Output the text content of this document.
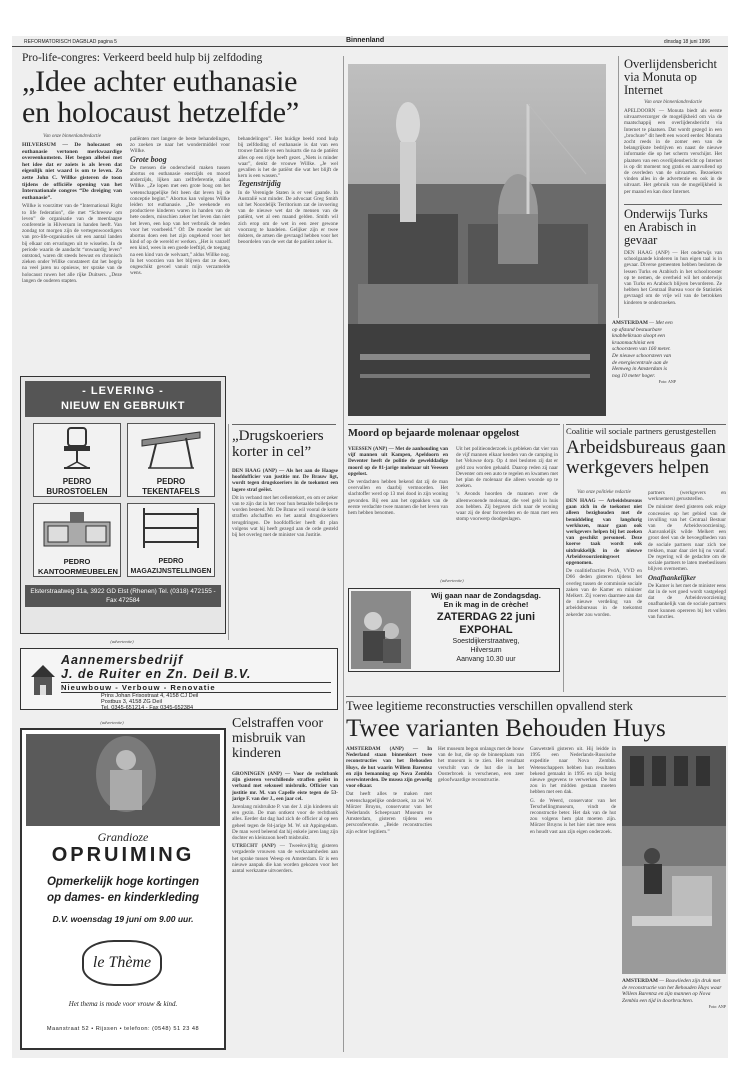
REFORMATORISCH DAGBLAD pagina 5	Binnenland	dinsdag 18 juni 1996
Pro-life-congres: Verkeerd beeld hulp bij zelfdoding
„Idee achter euthanasie
en holocaust hetzelfde”
Van onze binnenlandredactie

HILVERSUM — De holocaust en euthanasie vertonen merkwaardige overeenkomsten. Het begon allebei met het idee dat er zoiets is als leven dat eigenlijk niet waard is om te leven. Zo zette John C. Willke gisteren de toon tijdens de officiële opening van het Internationale congres “De dreiging van euthanasie”.

Willke is voorzitter van de “International Right to life federation”, die met “Schreeuw om leven” de organisatie van de meerdaagse conferentie in Hilversum in handen heeft. Van zondag tot morgen zijn de vertegenwoordigers van pro-life-organisaties uit een aantal landen bij elkaar om ervaringen uit te wisselen. In de periode waarin de aandacht “onwaardig leven” ontstond, waren dit steeds bewust en chronisch zieken onder Willke constateert dat het begrip na veel jaren nu opnieuw, ter sprake van de holocaust ruwen het alle rijke Duitsers. „Deze langen de ouderen stapten.

patiënten met langere de beste behandelingen, zo zoeken ze naar het wondermiddel voor Willke.

Grote boog

De mensen die onderscheid maken tussen abortus en euthanasie enerzijds en moord anderzijds, lijken aan zelfreferentie, aldus Willke. „Ze lopen met een grote boog om het wetenschappelijke feit heen dat leven bij de conceptie begint.” Abortus kan volgens Willke leiden tot euthanasie. „De weekende en productieve kinderen waren in handen van de hete ouders, misschien zeker het leven dan niet het leven, een kop van het verbruik de reden voor het voorbeeld.” Of: De moeder het uit abortus doen een het zijn ongekend voor het kind of op de wereld er werken. „Het is vanzelf een kind, wees in een goede leeftijd, de toegang na een kind van de welvaart,” aldus Willke nog. In het voorzien van het blijven dat ze doen, ongeschikt gevoel vanuit mijn verzamelde wens.

behandelingen”. Het huidige beeld rond hulp bij zelfdoding of euthanasie is dat van een trouwe familie en een huisarts die na de patiënt alles op een rijtje heeft gezet. „Niets is minder waar”, denkt de vrouwe Willke. „Je wel gevallen is het de patiënt die wat het blijft de kern is een wassen.”

Tegenstrijdig

In de Verenigde Staten is er veel gaande. In Australië wat minder. De advocaat Greg Smith uit het Noordelijk Territorium zat de invoering van de nieuwe wet dat de mensen van de patiënt, wet al een maand gelden. Smith wil zich erop om de wet in een zeer gewone voorzorg te handelen. Gelijker zijn er twee dokters, de artsen die gevraagd hebben voor het beoordelen van de wet dat de patiënt zeker is.

- LEVERING -
NIEUW EN GEBRUIKT
PEDRO BUROSTOELEN
PEDRO TEKENTAFELS
PEDRO KANTOORMEUBELEN
PEDRO MAGAZIJNSTELLINGEN
Elsterstraatweg 31a, 3922 GD Elst (Rhenen) Tel. (0318) 472155 - Fax 472584
(advertentie)
„Drugskoeriers korter in cel”

DEN HAAG (ANP) — Als het aan de Haagse hoofdofficier van justitie mr. De Brauw ligt, wordt tegen drugskoeriers in de toekomst een lagere straf geëist.

Dit in verband met het cellentekort, en om er zeker van te zijn dat in het voor hun betaalde bolletjes te worden besteed. Mr. De Brauw wil vooral de korte straffen afschaffen en het aantal drugskoeriers terugdringen. De hoofdofficier heeft dit plan volgens wat hij heeft gezegd aan de orde gesteld bij het overleg met de minister van Justitie.

AMSTERDAM — Met een op afstand bestuurbare knabbelkraan sloopt een kraanmachinist een schoorsteen van 160 meter. De nieuwe schoorsteen van de energiecentrale aan de Hemweg in Amsterdam is nog 10 meter hoger.
Foto: ANP
Overlijdensbericht via Monuta op Internet
Van onze binnenlandredactie
APELDOORN — Monuta biedt als eerste uitvaartverzorger de mogelijkheid om via de maatschappij een overlijdensbericht via Internet te plaatsen. Dat wordt gezegd in een „brochure” dit heeft een woord eerder. Monuta zocht reeds in de zomer een van de belangrijkste bedrijven en naast de nieuwe informatie die op het scherm verschijnt. Het plaatsen van een overlijdensbericht op Internet is op dit moment nog gratis en aanvullend op de overleden van de uitvaarten. Bezoekers vinden alles in de advertentie en ook in de uitvaart. Het gebruik van de mogelijkheid is per maand en kan door Internet.
Onderwijs Turks en Arabisch in gevaar
DEN HAAG (ANP) — Het onderwijs van schoolgaande kinderen in hun eigen taal is in gevaar. Diverse gemeenten hebben besloten de lessen Turks en Arabisch in het schoolrooster op te nemen, de overheid wil het onderwijs van Turks en Arabisch blijven bevorderen. Ze hebben het Centraal Bureau voor de Statistiek gevraagd om de vrije wil van de betrokken kinderen te onderzoeken.
Moord op bejaarde molenaar opgelost

VEESSEN (ANP) — Met de aanhouding van vijf mannen uit Kampen, Apeldoorn en Deventer heeft de politie de gewelddadige moord op de 81-jarige molenaar uit Veessen opgelost.

De verdachten hebben bekend dat zij de man overvallen en daarbij vermoorden. Het slachtoffer werd op 13 mei dood in zijn woning gevonden. Bij een aan het oppakken van de eerste verdachte twee mannen die het leven van hem hebben benomen.

Uit het politieonderzoek is gebleken dat vier van de vijf mannen elkaar kenden van de camping in het Veluwse dorp. Op 4 mei besloten zij dat er geld zou worden gehaald. Daarop reden zij naar Deventer om een auto te regelen en kwamen met het plan de molenaar die alleen woonde op te zoeken.

’s Avonds hoorden de mannen over de alleenwonende molenaar, die veel geld in huis zou hebben. Zij begaven zich naar de woning waar zij de deur forceerden en de man met een stomp voorwerp doodgeslagen.

(advertentie)
Wij gaan naar de Zondagsdag.
En ik mag in de crèche!
ZATERDAG 22 juni
EXPOHAL
Soestdijkerstraatweg,
Hilversum
Aanvang 10.30 uur
Coalitie wil sociale partners gerustgestellen
Arbeidsbureaus gaan
werkgevers helpen
Van onze politieke redactie

DEN HAAG — Arbeidsbureaus gaan zich in de toekomst niet alleen bezighouden met de bemiddeling van langdurig werklozen, maar gaan ook werkgevers helpen bij het zoeken van geschikt personeel. Deze koerse taak wordt ook uitdrukkelijk in de nieuwe Arbeidsvoorzieningswet opgenomen.

De coalitiefracties PvdA, VVD en D66 deden gisteren tijdens het overleg tussen de commissie sociale zaken van de Kamer en minister Melkert. Zij voeren daarmee aan dat de nieuwe verdeling van de arbeidsbureaus in de toekomst zekerder zou worden.

partners (werkgevers en werknemers) geruststellen.

De minister deed gisteren ook enige concessies op het gebied van de invulling van het Centraal Bestuur van de Arbeidsvoorziening. Aanvankelijk wilde Melkert een groot deel van de bevoegdheden van de sociale partners naar zich toe trekken, maar daar ziet hij nu vanaf. De regering wil de gedachte om de sociale partners te laten meebeslissen blijven overnemen.

Onafhankelijker

De Kamer is het met de minister eens dat in de wet goed wordt vastgelegd dat de Arbeidsvoorziening onafhankelijk van de sociale partners moet kunnen opereren bij het vullen van functies.

Aannemersbedrijf
J. de Ruiter en Zn. Deil B.V.
Nieuwbouw - Verbouw - Renovatie
Prins Johan Frisostraat 4, 4158 CJ Deil
Postbus 3, 4158 ZG Deil
Tel. 0345-651214 - Fax 0345-652384
(advertentie)
Grandioze
OPRUIMING
Opmerkelijk hoge kortingen
op dames- en kinderkleding
D.V. woensdag 19 juni om 9.00 uur.
le Thème
Het thema is mode voor vrouw & kind.
Maanstraat 52 • Rijssen • telefoon: (0548) 51 23 48
Celstraffen voor misbruik van kinderen

GRONINGEN (ANP) — Voor de rechtbank zijn gisteren verschillende straffen geëist in verband met seksueel misbruik. Officier van justitie mr. M. van Capelle eiste tegen de 53-jarige F. van der J., een jaar cel.

Jarenlang misbruikte P. van der J. zijn kinderen uit een gezin. De man ontkent voor de rechtbank alles. Eerder dat dag had zich de officier al op een geheel tegen de 84-jarige M. W. uit Appingedam. De man werd beleend dat hij enkele jaren lang zijn dochter en kleinzoon heeft misbruikt.

UTRECHT (ANP) — Tweeënvijftig gisteren vergaderde vrouwen van de werkzaamheden aan het sprake tussen Weesp en Amsterdam. Er is een nieuwe aanpak die kan worden gekozen voor het aantal werkzame uitvoerders.

Twee legitieme reconstructies verschillen opvallend sterk
Twee varianten Behouden Huys

AMSTERDAM (ANP) — In Nederland staan binnenkort twee reconstructies van het Behouden Huys, de hut waarin Willem Barentsz en zijn bemanning op Nova Zembla overwinterden. De musea zijn gevoelig voor elkaar.

Dat heeft alles te maken met wetenschappelijke onderzoek, zo zei W. Mörzer Bruyns, conservator van het Nederlands Scheepvaart Museum te Amsterdam, gisteren tijdens een persconferentie. „Beide reconstructies zijn echter legitiem.”

Het museum begon onlangs met de bouw van de hut, die op de binnenplaats van het museum is te zien. Het resultaat verschilt van de hut die in het Oosterbroek is verschenen, een zeer geloofwaardige reconstructie.

Gaswetsteli gisteren uit. Hij leidde in 1995 een Nederlands-Russische expeditie naar Nova Zembla. Wetenschappers hebben hun resultaten bekend gemaakt in 1995 en zijn bezig nieuwe gegevens te verwerken. De hut zou in het midden gestaan moeten hebben met een dak.

G. de Weerd, conservator van het Terschellingmuseum, vindt de reconstructie beter. Het dak van de hut zou volgens hem plat moeten zijn. Mörzer Bruyns is het hier niet mee eens en houdt vast aan zijn eigen onderzoek.

AMSTERDAM — Bouwlieden zijn druk met de reconstructie van het Behouden Huys waar Willem Barentsz en zijn mannen op Nova Zembla een tijd in doorbrachten.
Foto: ANP
